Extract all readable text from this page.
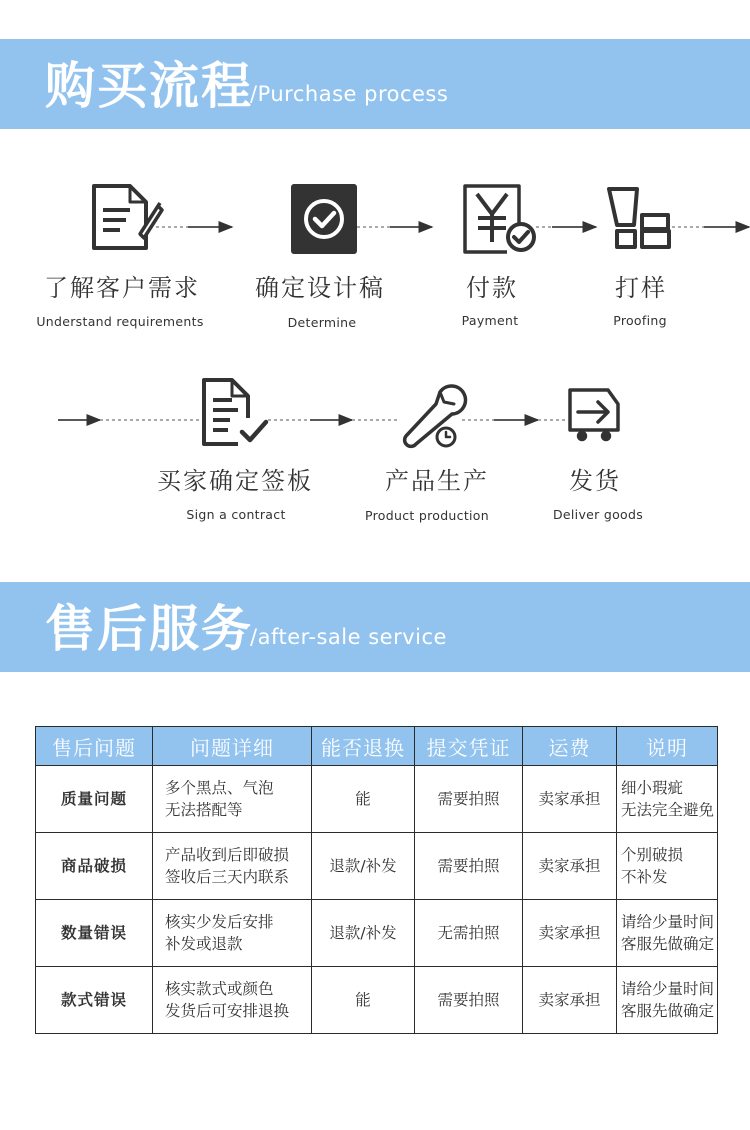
购买流程
/Purchase process
了解客户需求
Understand requirements
确定设计稿
Determine
付款
Payment
打样
Proofing
买家确定签板
Sign a contract
产品生产
Product production
发货
Deliver goods
售后服务
/after-sale service
售后问题	问题详细	能否退换	提交凭证	运费	说明
质量问题	多个黑点、气泡
无法搭配等	能	需要拍照	卖家承担	细小瑕疵
无法完全避免

商品破损	产品收到后即破损
签收后三天内联系	退款/补发	需要拍照	卖家承担	个别破损
不补发

数量错误	核实少发后安排
补发或退款	退款/补发	无需拍照	卖家承担	请给少量时间
客服先做确定

款式错误	核实款式或颜色
发货后可安排退换	能	需要拍照	卖家承担	请给少量时间
客服先做确定
